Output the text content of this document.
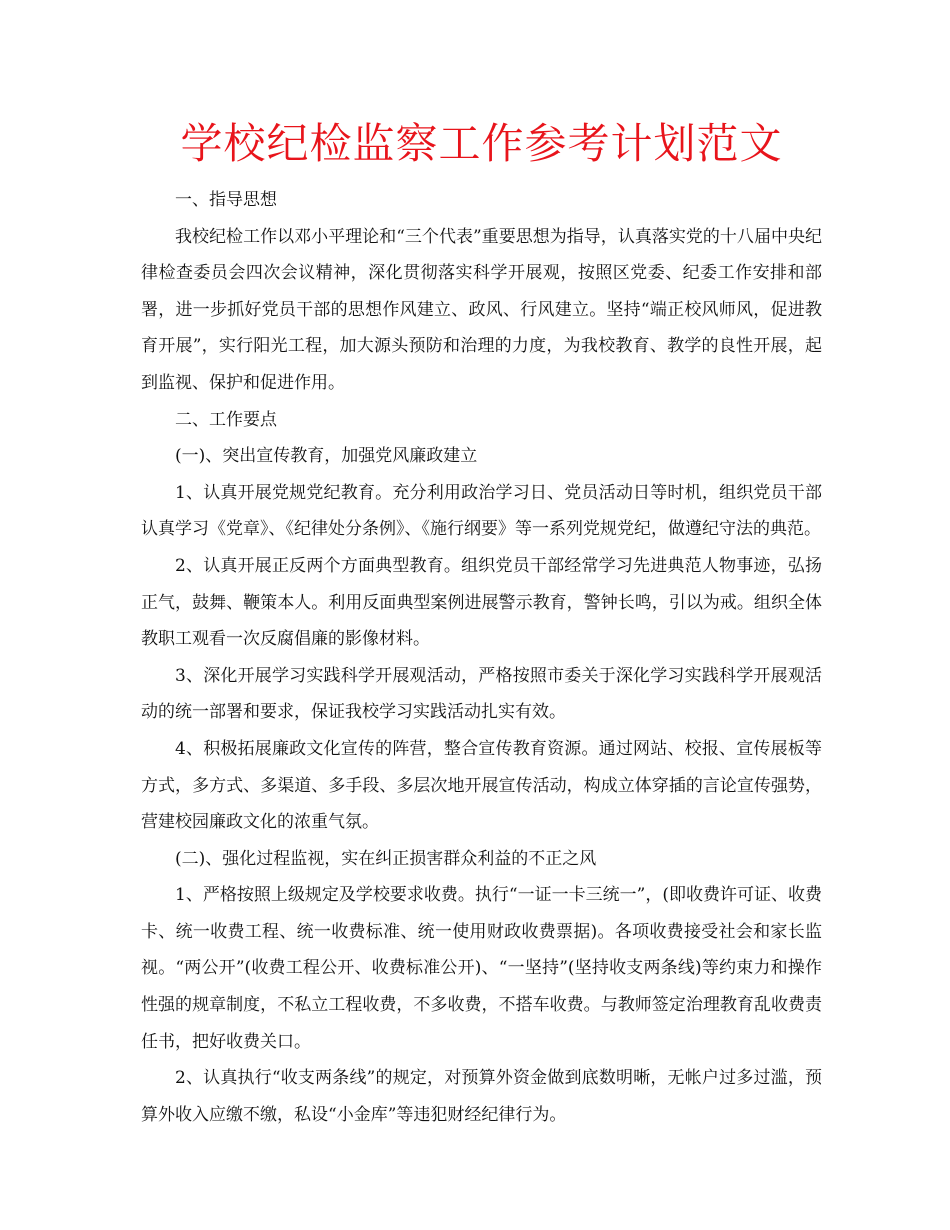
学校纪检监察工作参考计划范文

一、指导思想

我校纪检工作以邓小平理论和“三个代表”重要思想为指导，认真落实党的十八届中央纪律检查委员会四次会议精神，深化贯彻落实科学开展观，按照区党委、纪委工作安排和部署，进一步抓好党员干部的思想作风建立、政风、行风建立。坚持“端正校风师风，促进教育开展”，实行阳光工程，加大源头预防和治理的力度，为我校教育、教学的良性开展，起到监视、保护和促进作用。

二、工作要点

(一)、突出宣传教育，加强党风廉政建立

1、认真开展党规党纪教育。充分利用政治学习日、党员活动日等时机，组织党员干部认真学习《党章》、《纪律处分条例》、《施行纲要》等一系列党规党纪，做遵纪守法的典范。

2、认真开展正反两个方面典型教育。组织党员干部经常学习先进典范人物事迹，弘扬正气，鼓舞、鞭策本人。利用反面典型案例进展警示教育，警钟长鸣，引以为戒。组织全体教职工观看一次反腐倡廉的影像材料。

3、深化开展学习实践科学开展观活动，严格按照市委关于深化学习实践科学开展观活动的统一部署和要求，保证我校学习实践活动扎实有效。

4、积极拓展廉政文化宣传的阵营，整合宣传教育资源。通过网站、校报、宣传展板等方式，多方式、多渠道、多手段、多层次地开展宣传活动，构成立体穿插的言论宣传强势，营建校园廉政文化的浓重气氛。

(二)、强化过程监视，实在纠正损害群众利益的不正之风

1、严格按照上级规定及学校要求收费。执行“一证一卡三统一”，(即收费许可证、收费卡、统一收费工程、统一收费标准、统一使用财政收费票据)。各项收费接受社会和家长监视。“两公开”(收费工程公开、收费标准公开)、“一坚持”(坚持收支两条线)等约束力和操作性强的规章制度，不私立工程收费，不多收费，不搭车收费。与教师签定治理教育乱收费责任书，把好收费关口。

2、认真执行“收支两条线”的规定，对预算外资金做到底数明晰，无帐户过多过滥，预算外收入应缴不缴，私设“小金库”等违犯财经纪律行为。
